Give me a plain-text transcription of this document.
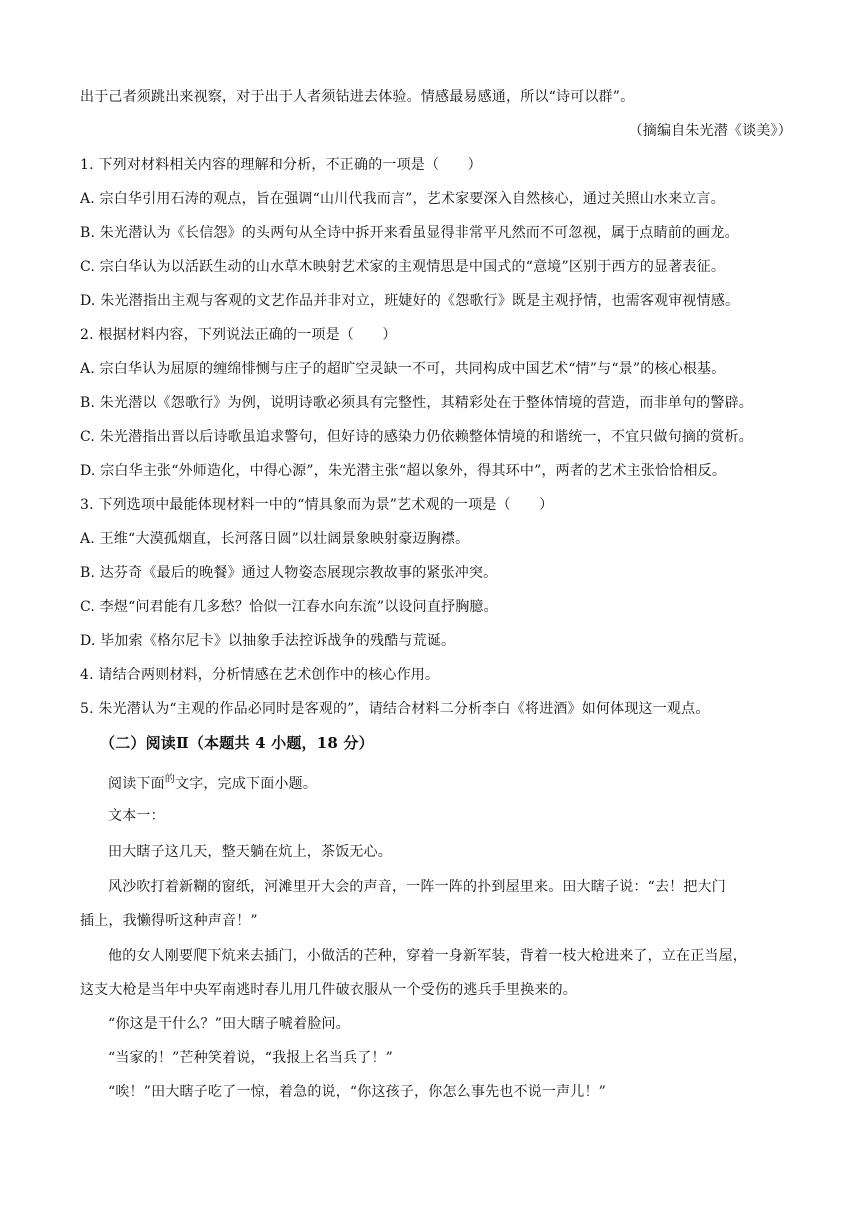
出于己者须跳出来视察，对于出于人者须钻进去体验。情感最易感通，所以“诗可以群”。
（摘编自朱光潜《谈美》）
1. 下列对材料相关内容的理解和分析，不正确的一项是（　　）
A. 宗白华引用石涛的观点，旨在强调“山川代我而言”，艺术家要深入自然核心，通过关照山水来立言。
B. 朱光潜认为《长信怨》的头两句从全诗中拆开来看虽显得非常平凡然而不可忽视，属于点睛前的画龙。
C. 宗白华认为以活跃生动的山水草木映射艺术家的主观情思是中国式的“意境”区别于西方的显著表征。
D. 朱光潜指出主观与客观的文艺作品并非对立，班婕好的《怨歌行》既是主观抒情，也需客观审视情感。
2. 根据材料内容，下列说法正确的一项是（　　）
A. 宗白华认为屈原的缠绵悱恻与庄子的超旷空灵缺一不可，共同构成中国艺术“情”与“景”的核心根基。
B. 朱光潜以《怨歌行》为例，说明诗歌必须具有完整性，其精彩处在于整体情境的营造，而非单句的警辟。
C. 朱光潜指出晋以后诗歌虽追求警句，但好诗的感染力仍依赖整体情境的和谐统一，不宜只做句摘的赏析。
D. 宗白华主张“外师造化，中得心源”，朱光潜主张“超以象外，得其环中”，两者的艺术主张恰恰相反。
3. 下列选项中最能体现材料一中的“情具象而为景”艺术观的一项是（　　）
A. 王维“大漠孤烟直，长河落日圆”以壮阔景象映射豪迈胸襟。
B. 达芬奇《最后的晚餐》通过人物姿态展现宗教故事的紧张冲突。
C. 李煜“问君能有几多愁？恰似一江春水向东流”以设问直抒胸臆。
D. 毕加索《格尔尼卡》以抽象手法控诉战争的残酷与荒诞。
4. 请结合两则材料，分析情感在艺术创作中的核心作用。
5. 朱光潜认为“主观的作品必同时是客观的”，请结合材料二分析李白《将进酒》如何体现这一观点。
（二）阅读Ⅱ（本题共 4 小题，18 分）
阅读下面$^的$文字，完成下面小题。
文本一：
田大瞎子这几天，整天躺在炕上，茶饭无心。
风沙吹打着新糊的窗纸，河滩里开大会的声音，一阵一阵的扑到屋里来。田大瞎子说：“去！把大门
插上，我懒得听这种声音！”
他的女人刚要爬下炕来去插门，小做活的芒种，穿着一身新军装，背着一枝大枪进来了，立在正当屋，
这支大枪是当年中央军南逃时春儿用几件破衣服从一个受伤的逃兵手里换来的。
“你这是干什么？”田大瞎子唬着脸问。
“当家的！”芒种笑着说，“我报上名当兵了！”
“唉！”田大瞎子吃了一惊，着急的说，“你这孩子，你怎么事先也不说一声儿！”
